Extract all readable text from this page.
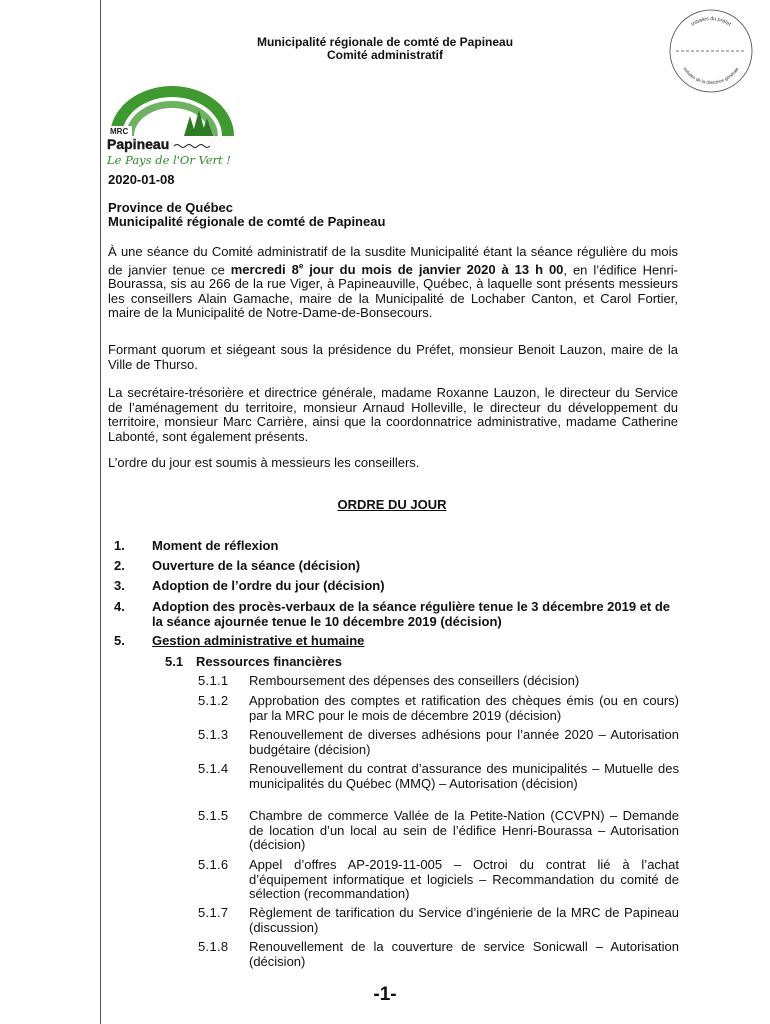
Municipalité régionale de comté de Papineau
Comité administratif
Initiales du préfet
Initiales de la directrice générale
MRC
Papineau
Le Pays de l'Or Vert !
2020-01-08
Province de Québec
Municipalité régionale de comté de Papineau
À une séance du Comité administratif de la susdite Municipalité étant la séance régulière du mois de janvier tenue ce mercredi 8e jour du mois de janvier 2020 à 13 h 00, en l’édifice Henri-Bourassa, sis au 266 de la rue Viger, à Papineauville, Québec, à laquelle sont présents messieurs les conseillers Alain Gamache, maire de la Municipalité de Lochaber Canton, et Carol Fortier, maire de la Municipalité de Notre-Dame-de-Bonsecours.
Formant quorum et siégeant sous la présidence du Préfet, monsieur Benoit Lauzon, maire de la Ville de Thurso.
La secrétaire-trésorière et directrice générale, madame Roxanne Lauzon, le directeur du Service de l’aménagement du territoire, monsieur Arnaud Holleville, le directeur du développement du territoire, monsieur Marc Carrière, ainsi que la coordonnatrice administrative, madame Catherine Labonté, sont également présents.
L’ordre du jour est soumis à messieurs les conseillers.
ORDRE DU JOUR
1. Moment de réflexion
2. Ouverture de la séance (décision)
3. Adoption de l’ordre du jour (décision)
4. Adoption des procès-verbaux de la séance régulière tenue le 3 décembre 2019 et de la séance ajournée tenue le 10 décembre 2019 (décision)
5. Gestion administrative et humaine
5.1 Ressources financières
5.1.1 Remboursement des dépenses des conseillers (décision)
5.1.2 Approbation des comptes et ratification des chèques émis (ou en cours) par la MRC pour le mois de décembre 2019 (décision)
5.1.3 Renouvellement de diverses adhésions pour l’année 2020 – Autorisation budgétaire (décision)
5.1.4 Renouvellement du contrat d’assurance des municipalités – Mutuelle des municipalités du Québec (MMQ) – Autorisation (décision)
5.1.5 Chambre de commerce Vallée de la Petite-Nation (CCVPN) – Demande de location d’un local au sein de l’édifice Henri-Bourassa – Autorisation (décision)
5.1.6 Appel d’offres AP-2019-11-005 – Octroi du contrat lié à l’achat d’équipement informatique et logiciels – Recommandation du comité de sélection (recommandation)
5.1.7 Règlement de tarification du Service d’ingénierie de la MRC de Papineau (discussion)
5.1.8 Renouvellement de la couverture de service Sonicwall – Autorisation (décision)
-1-
